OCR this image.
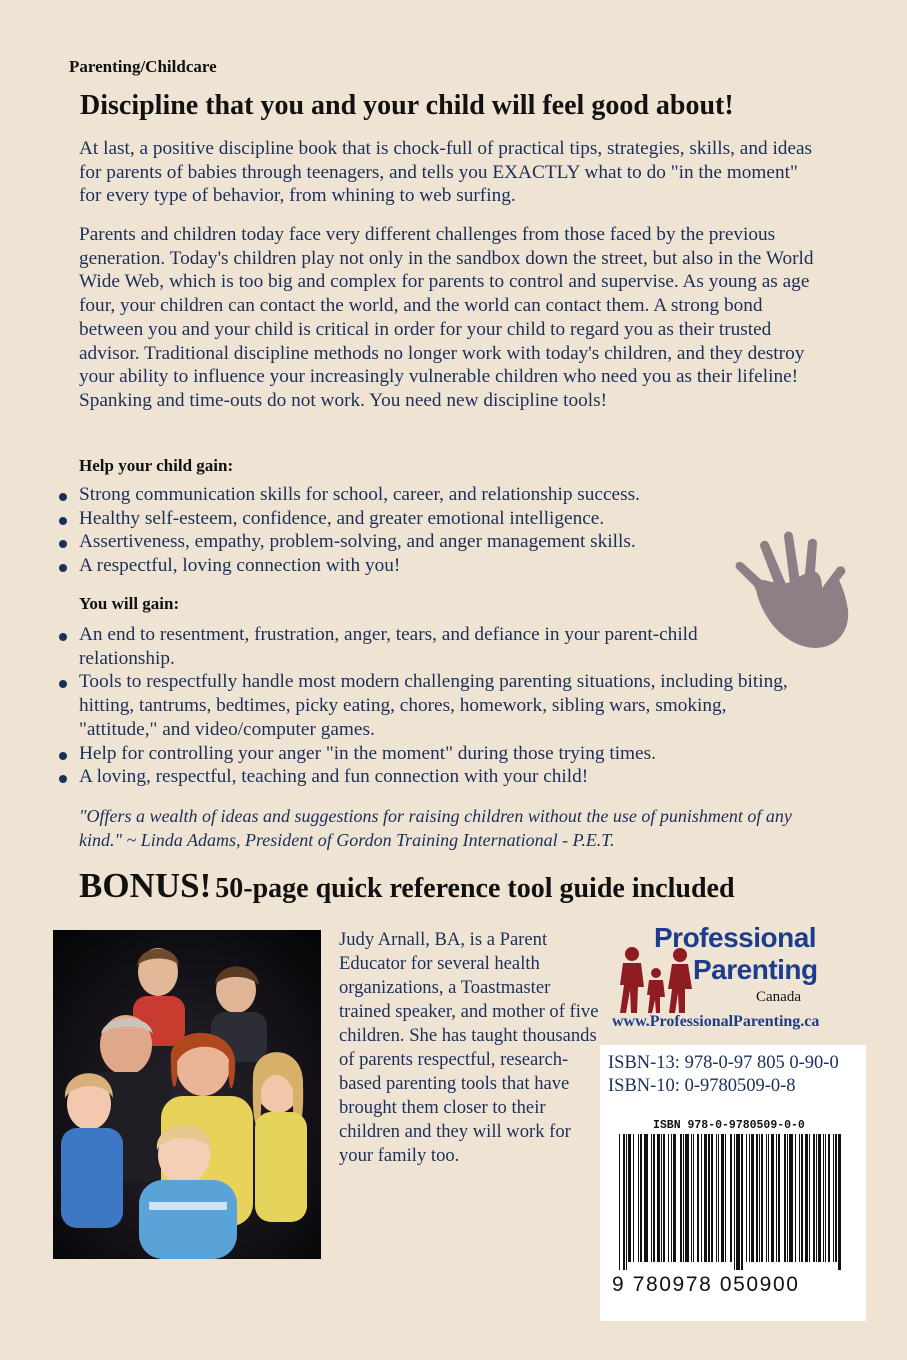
Parenting/Childcare
Discipline that you and your child will feel good about!

At last, a positive discipline book that is chock-full of practical tips, strategies, skills, and ideas for parents of babies through teenagers, and tells you EXACTLY what to do "in the moment" for every type of behavior, from whining to web surfing.

Parents and children today face very different challenges from those faced by the previous generation. Today's children play not only in the sandbox down the street, but also in the World Wide Web, which is too big and complex for parents to control and supervise. As young as age four, your children can contact the world, and the world can contact them. A strong bond between you and your child is critical in order for your child to regard you as their trusted advisor. Traditional discipline methods no longer work with today's children, and they destroy your ability to influence your increasingly vulnerable children who need you as their lifeline! Spanking and time-outs do not work. You need new discipline tools!

Help your child gain:
Strong communication skills for school, career, and relationship success.
Healthy self-esteem, confidence, and greater emotional intelligence.
Assertiveness, empathy, problem-solving, and anger management skills.
A respectful, loving connection with you!
You will gain:
An end to resentment, frustration, anger, tears, and defiance in your parent-child relationship.
Tools to respectfully handle most modern challenging parenting situations, including biting, hitting, tantrums, bedtimes, picky eating, chores, homework, sibling wars, smoking, "attitude," and video/computer games.
Help for controlling your anger "in the moment" during those trying times.
A loving, respectful, teaching and fun connection with your child!

"Offers a wealth of ideas and suggestions for raising children without the use of punishment of any kind." ~ Linda Adams, President of Gordon Training International - P.E.T.

BONUS! 50-page quick reference tool guide included

Judy Arnall, BA, is a Parent Educator for several health organizations, a Toastmaster trained speaker, and mother of five children. She has taught thousands of parents respectful, research-based parenting tools that have brought them closer to their children and they will work for your family too.

Professional
Parenting
Canada
www.ProfessionalParenting.ca
ISBN-13: 978-0-97 805 0-90-0
ISBN-10: 0-9780509-0-8
ISBN 978-0-9780509-0-0
9 780978 050900
